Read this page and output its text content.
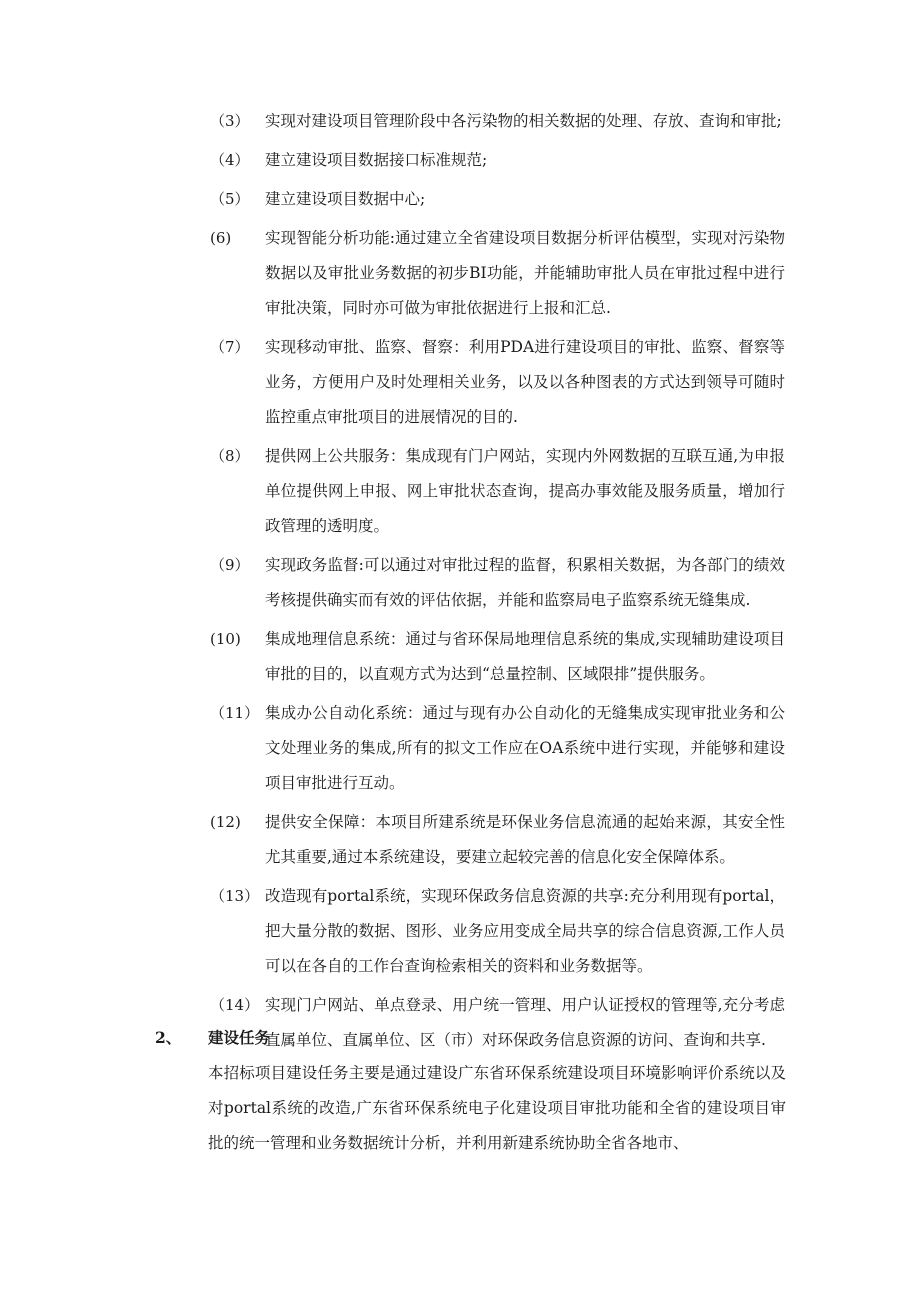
（3） 实现对建设项目管理阶段中各污染物的相关数据的处理、存放、查询和审批;
（4） 建立建设项目数据接口标准规范;
（5） 建立建设项目数据中心;
(6)	实现智能分析功能:通过建立全省建设项目数据分析评估模型，实现对污染物数据以及审批业务数据的初步BI功能，并能辅助审批人员在审批过程中进行审批决策，同时亦可做为审批依据进行上报和汇总.
（7） 实现移动审批、监察、督察：利用PDA进行建设项目的审批、监察、督察等业务，方便用户及时处理相关业务，以及以各种图表的方式达到领导可随时监控重点审批项目的进展情况的目的.
（8） 提供网上公共服务：集成现有门户网站，实现内外网数据的互联互通,为申报单位提供网上申报、网上审批状态查询，提高办事效能及服务质量，增加行政管理的透明度。
（9） 实现政务监督:可以通过对审批过程的监督，积累相关数据，为各部门的绩效考核提供确实而有效的评估依据，并能和监察局电子监察系统无缝集成.
(10)	集成地理信息系统：通过与省环保局地理信息系统的集成,实现辅助建设项目审批的目的，以直观方式为达到“总量控制、区域限排”提供服务。
（11） 集成办公自动化系统：通过与现有办公自动化的无缝集成实现审批业务和公文处理业务的集成,所有的拟文工作应在OA系统中进行实现，并能够和建设项目审批进行互动。
(12)	提供安全保障：本项目所建系统是环保业务信息流通的起始来源，其安全性尤其重要,通过本系统建设，要建立起较完善的信息化安全保障体系。
（13） 改造现有portal系统，实现环保政务信息资源的共享:充分利用现有portal，把大量分散的数据、图形、业务应用变成全局共享的综合信息资源,工作人员可以在各自的工作台查询检索相关的资料和业务数据等。
（14） 实现门户网站、单点登录、用户统一管理、用户认证授权的管理等,充分考虑直属单位、直属单位、区（市）对环保政务信息资源的访问、查询和共享.
2、 建设任务
本招标项目建设任务主要是通过建设广东省环保系统建设项目环境影响评价系统以及对portal系统的改造,广东省环保系统电子化建设项目审批功能和全省的建设项目审批的统一管理和业务数据统计分析，并利用新建系统协助全省各地市、
